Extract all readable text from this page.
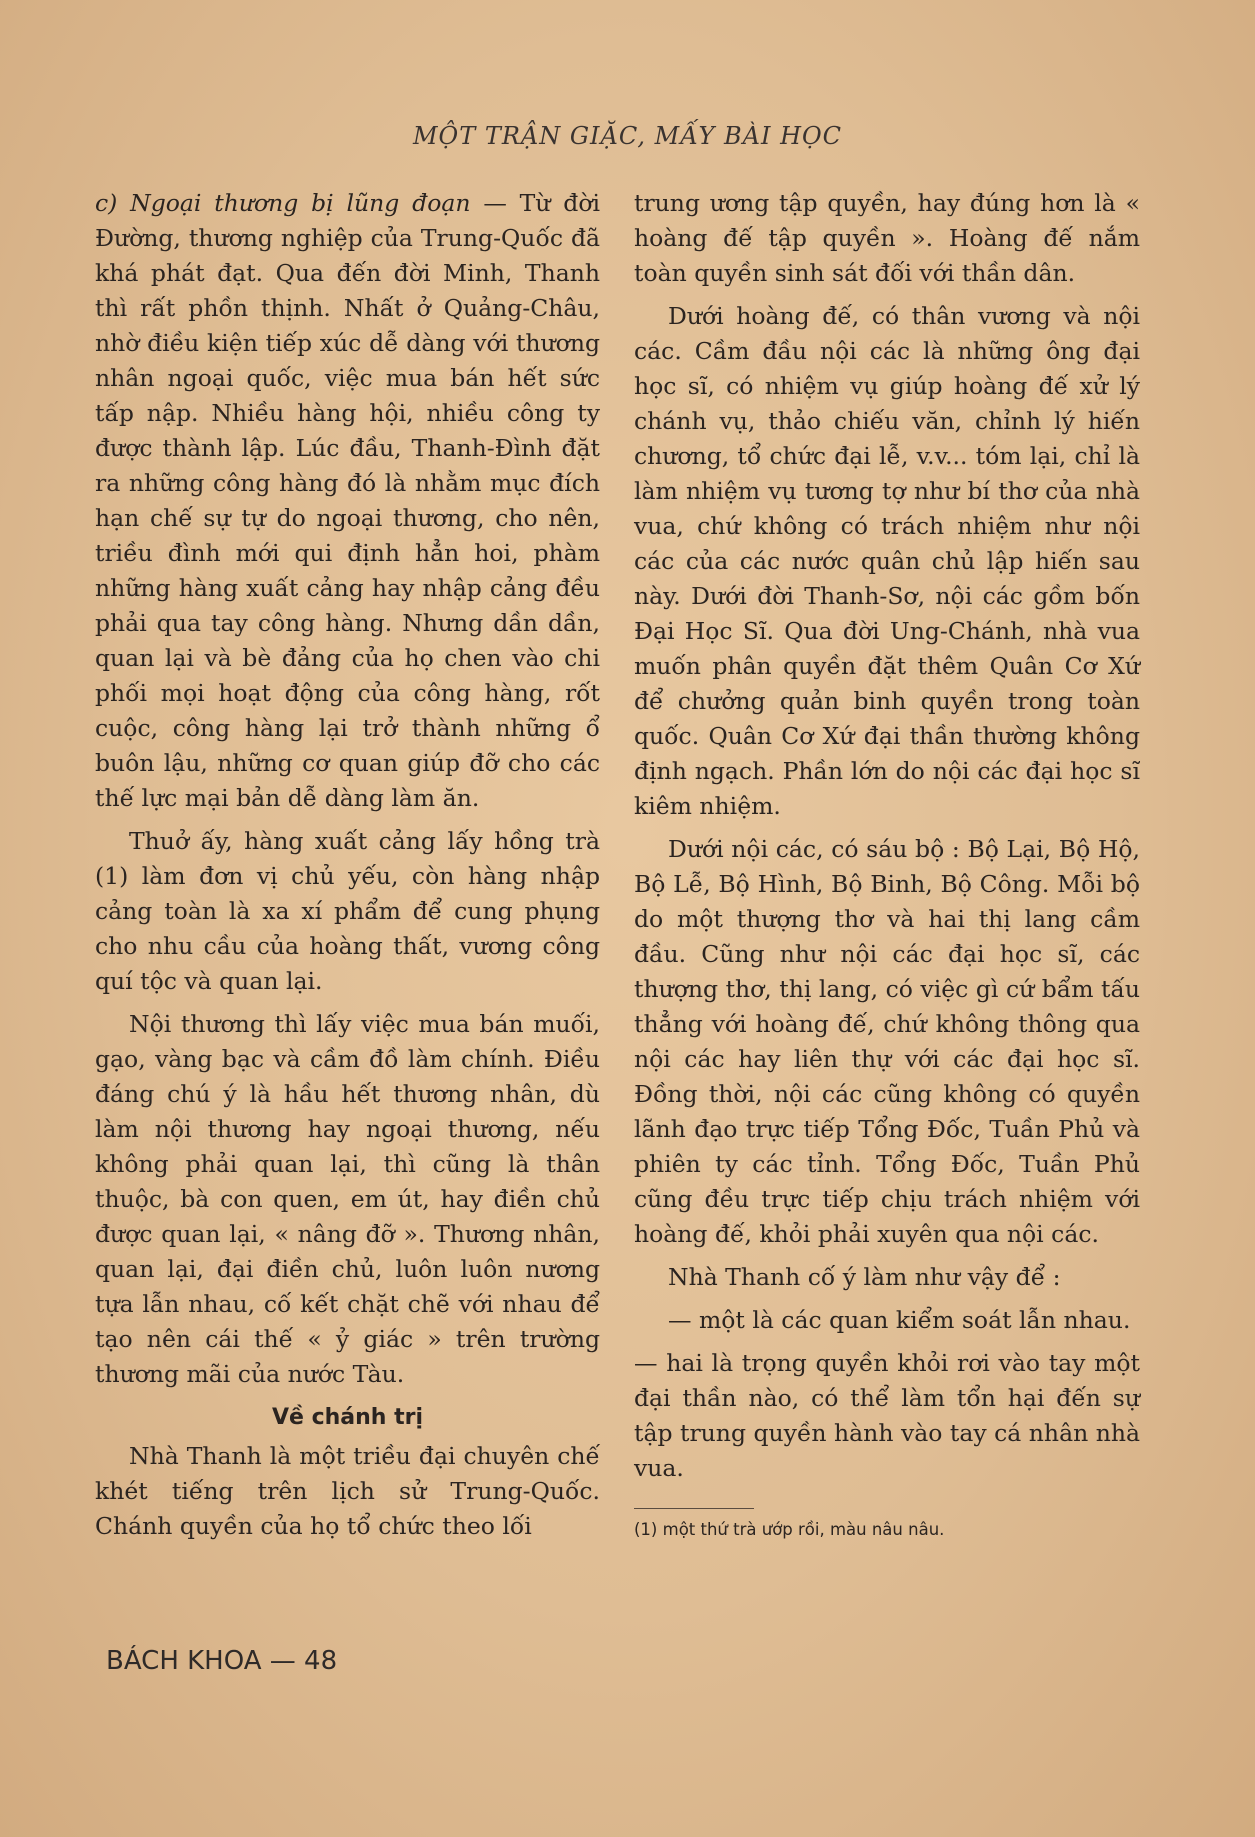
MỘT TRẬN GIẶC, MẤY BÀI HỌC

c) Ngoại thương bị lũng đoạn — Từ đời Đường, thương nghiệp của Trung-Quốc đã khá phát đạt. Qua đến đời Minh, Thanh thì rất phồn thịnh. Nhất ở Quảng-Châu, nhờ điều kiện tiếp xúc dễ dàng với thương nhân ngoại quốc, việc mua bán hết sức tấp nập. Nhiều hàng hội, nhiều công ty được thành lập. Lúc đầu, Thanh-Đình đặt ra những công hàng đó là nhằm mục đích hạn chế sự tự do ngoại thương, cho nên, triều đình mới qui định hẳn hoi, phàm những hàng xuất cảng hay nhập cảng đều phải qua tay công hàng. Nhưng dần dần, quan lại và bè đảng của họ chen vào chi phối mọi hoạt động của công hàng, rốt cuộc, công hàng lại trở thành những ổ buôn lậu, những cơ quan giúp đỡ cho các thế lực mại bản dễ dàng làm ăn.

Thuở ấy, hàng xuất cảng lấy hồng trà (1) làm đơn vị chủ yếu, còn hàng nhập cảng toàn là xa xí phẩm để cung phụng cho nhu cầu của hoàng thất, vương công quí tộc và quan lại.

Nội thương thì lấy việc mua bán muối, gạo, vàng bạc và cầm đồ làm chính. Điều đáng chú ý là hầu hết thương nhân, dù làm nội thương hay ngoại thương, nếu không phải quan lại, thì cũng là thân thuộc, bà con quen, em út, hay điền chủ được quan lại, « nâng đỡ ». Thương nhân, quan lại, đại điền chủ, luôn luôn nương tựa lẫn nhau, cố kết chặt chẽ với nhau để tạo nên cái thế « ỷ giác » trên trường thương mãi của nước Tàu.

Về chánh trị

Nhà Thanh là một triều đại chuyên chế khét tiếng trên lịch sử Trung-Quốc. Chánh quyền của họ tổ chức theo lối

trung ương tập quyền, hay đúng hơn là « hoàng đế tập quyền ». Hoàng đế nắm toàn quyền sinh sát đối với thần dân.

Dưới hoàng đế, có thân vương và nội các. Cầm đầu nội các là những ông đại học sĩ, có nhiệm vụ giúp hoàng đế xử lý chánh vụ, thảo chiếu văn, chỉnh lý hiến chương, tổ chức đại lễ, v.v... tóm lại, chỉ là làm nhiệm vụ tương tợ như bí thơ của nhà vua, chứ không có trách nhiệm như nội các của các nước quân chủ lập hiến sau này. Dưới đời Thanh-Sơ, nội các gồm bốn Đại Học Sĩ. Qua đời Ung-Chánh, nhà vua muốn phân quyền đặt thêm Quân Cơ Xứ để chưởng quản binh quyền trong toàn quốc. Quân Cơ Xứ đại thần thường không định ngạch. Phần lớn do nội các đại học sĩ kiêm nhiệm.

Dưới nội các, có sáu bộ : Bộ Lại, Bộ Hộ, Bộ Lễ, Bộ Hình, Bộ Binh, Bộ Công. Mỗi bộ do một thượng thơ và hai thị lang cầm đầu. Cũng như nội các đại học sĩ, các thượng thơ, thị lang, có việc gì cứ bẩm tấu thẳng với hoàng đế, chứ không thông qua nội các hay liên thự với các đại học sĩ. Đồng thời, nội các cũng không có quyền lãnh đạo trực tiếp Tổng Đốc, Tuần Phủ và phiên ty các tỉnh. Tổng Đốc, Tuần Phủ cũng đều trực tiếp chịu trách nhiệm với hoàng đế, khỏi phải xuyên qua nội các.

Nhà Thanh cố ý làm như vậy để :

— một là các quan kiểm soát lẫn nhau.

— hai là trọng quyền khỏi rơi vào tay một đại thần nào, có thể làm tổn hại đến sự tập trung quyền hành vào tay cá nhân nhà vua.

(1) một thứ trà ướp rồi, màu nâu nâu.
BÁCH KHOA — 48
